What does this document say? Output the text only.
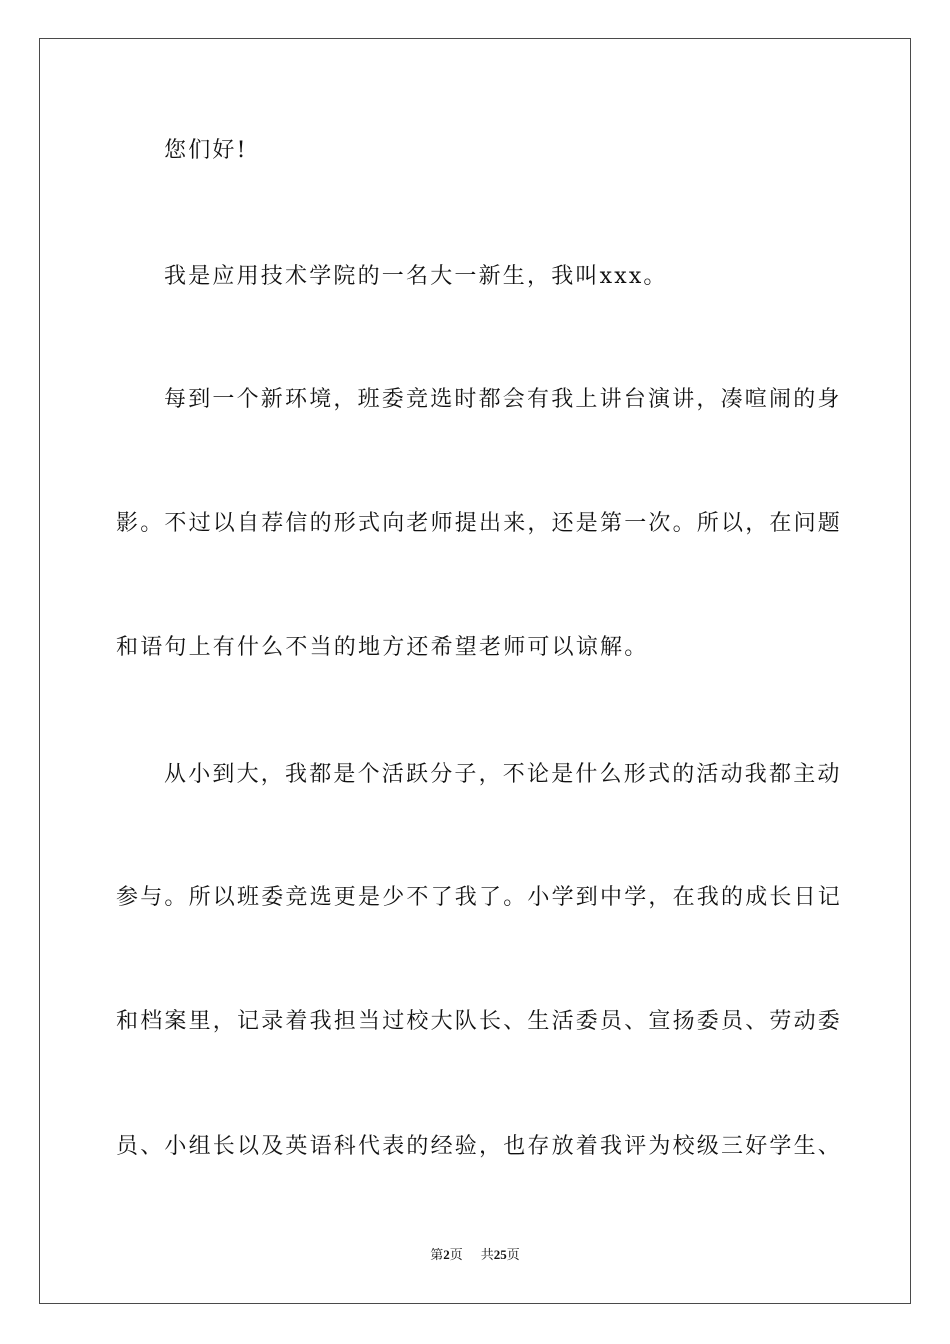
您们好!
我是应用技术学院的一名大一新生，我叫xxx。
每到一个新环境，班委竞选时都会有我上讲台演讲，凑喧闹的身
影。不过以自荐信的形式向老师提出来，还是第一次。所以，在问题
和语句上有什么不当的地方还希望老师可以谅解。
从小到大，我都是个活跃分子，不论是什么形式的活动我都主动
参与。所以班委竞选更是少不了我了。小学到中学，在我的成长日记
和档案里，记录着我担当过校大队长、生活委员、宣扬委员、劳动委
员、小组长以及英语科代表的经验，也存放着我评为校级三好学生、
第2页 共25页
